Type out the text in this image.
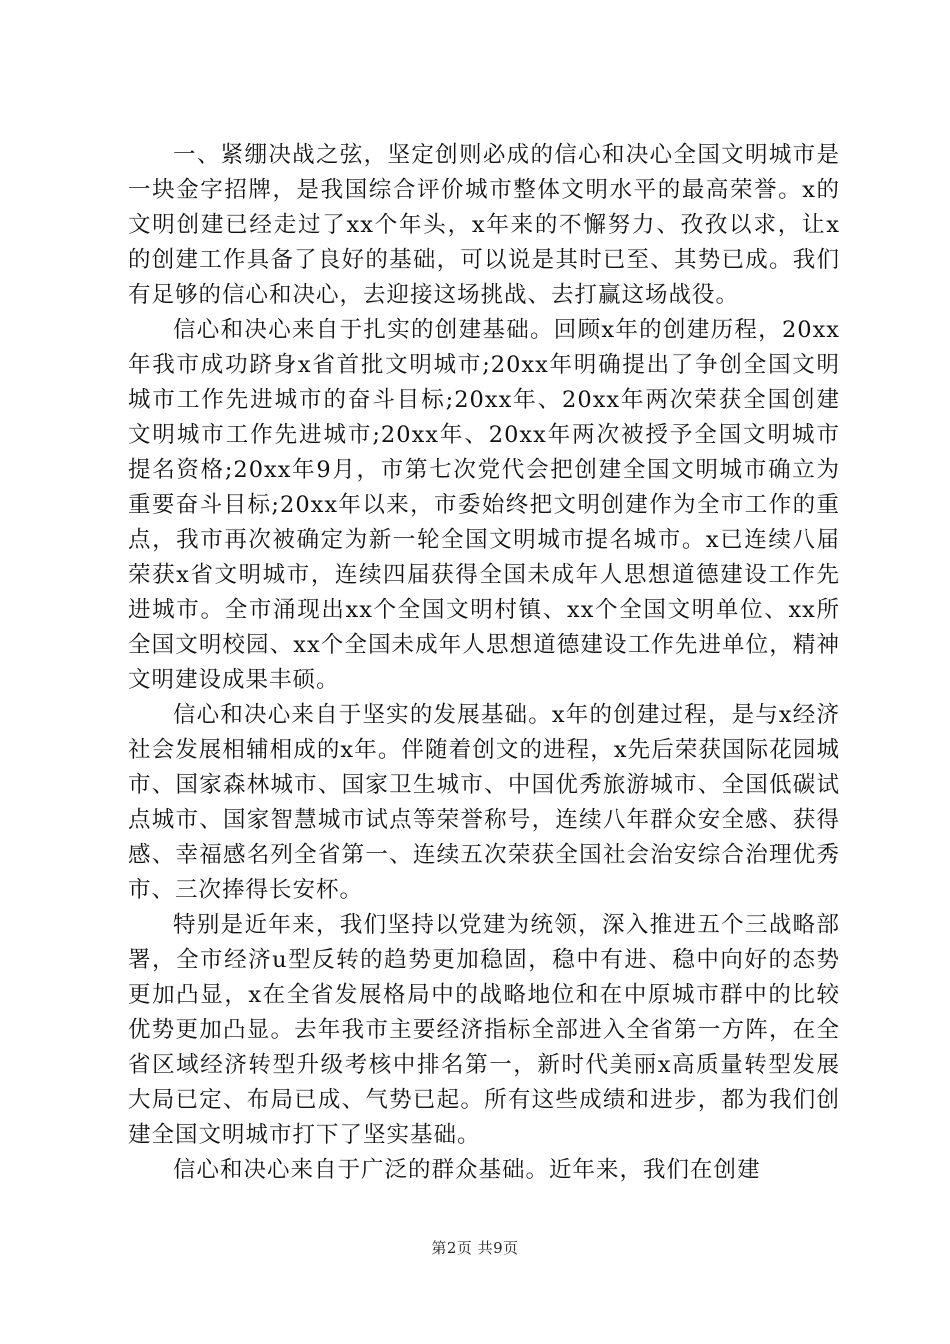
一、紧绷决战之弦，坚定创则必成的信心和决心全国文明城市是一块金字招牌，是我国综合评价城市整体文明水平的最高荣誉。x的文明创建已经走过了xx个年头，x年来的不懈努力、孜孜以求，让x的创建工作具备了良好的基础，可以说是其时已至、其势已成。我们有足够的信心和决心，去迎接这场挑战、去打赢这场战役。

信心和决心来自于扎实的创建基础。回顾x年的创建历程，20xx年我市成功跻身x省首批文明城市;20xx年明确提出了争创全国文明城市工作先进城市的奋斗目标;20xx年、20xx年两次荣获全国创建文明城市工作先进城市;20xx年、20xx年两次被授予全国文明城市提名资格;20xx年9月，市第七次党代会把创建全国文明城市确立为重要奋斗目标;20xx年以来，市委始终把文明创建作为全市工作的重点，我市再次被确定为新一轮全国文明城市提名城市。x已连续八届荣获x省文明城市，连续四届获得全国未成年人思想道德建设工作先进城市。全市涌现出xx个全国文明村镇、xx个全国文明单位、xx所全国文明校园、xx个全国未成年人思想道德建设工作先进单位，精神文明建设成果丰硕。

信心和决心来自于坚实的发展基础。x年的创建过程，是与x经济社会发展相辅相成的x年。伴随着创文的进程，x先后荣获国际花园城市、国家森林城市、国家卫生城市、中国优秀旅游城市、全国低碳试点城市、国家智慧城市试点等荣誉称号，连续八年群众安全感、获得感、幸福感名列全省第一、连续五次荣获全国社会治安综合治理优秀市、三次捧得长安杯。

特别是近年来，我们坚持以党建为统领，深入推进五个三战略部署，全市经济u型反转的趋势更加稳固，稳中有进、稳中向好的态势更加凸显，x在全省发展格局中的战略地位和在中原城市群中的比较优势更加凸显。去年我市主要经济指标全部进入全省第一方阵，在全省区域经济转型升级考核中排名第一，新时代美丽x高质量转型发展大局已定、布局已成、气势已起。所有这些成绩和进步，都为我们创建全国文明城市打下了坚实基础。

信心和决心来自于广泛的群众基础。近年来，我们在创建

第2页 共9页
